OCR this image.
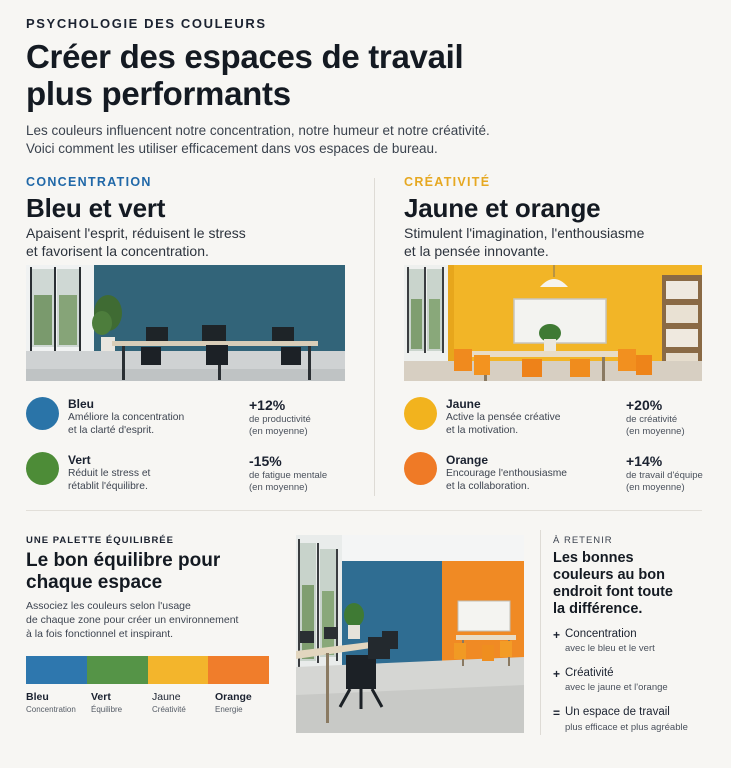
PSYCHOLOGIE DES COULEURS
Créer des espaces de travail
plus performants
Les couleurs influencent notre concentration, notre humeur et notre créativité.
Voici comment les utiliser efficacement dans vos espaces de bureau.
CONCENTRATION
Bleu et vert
Apaisent l'esprit, réduisent le stress
et favorisent la concentration.
Bleu
Améliore la concentration
et la clarté d'esprit.
+12%
de productivité
(en moyenne)
Vert
Réduit le stress et
rétablit l'équilibre.
-15%
de fatigue mentale
(en moyenne)
CRÉATIVITÉ
Jaune et orange
Stimulent l'imagination, l'enthousiasme
et la pensée innovante.
Jaune
Active la pensée créative
et la motivation.
+20%
de créativité
(en moyenne)
Orange
Encourage l'enthousiasme
et la collaboration.
+14%
de travail d'équipe
(en moyenne)
UNE PALETTE ÉQUILIBRÉE
Le bon équilibre pour
chaque espace
Associez les couleurs selon l'usage
de chaque zone pour créer un environnement
à la fois fonctionnel et inspirant.
Bleu
Concentration
Vert
Équilibre
Jaune
Créativité
Orange
Energie
À RETENIR
Les bonnes
couleurs au bon
endroit font toute
la différence.
+ Concentration
avec le bleu et le vert
+ Créativité
avec le jaune et l'orange
= Un espace de travail
plus efficace et plus agréable
